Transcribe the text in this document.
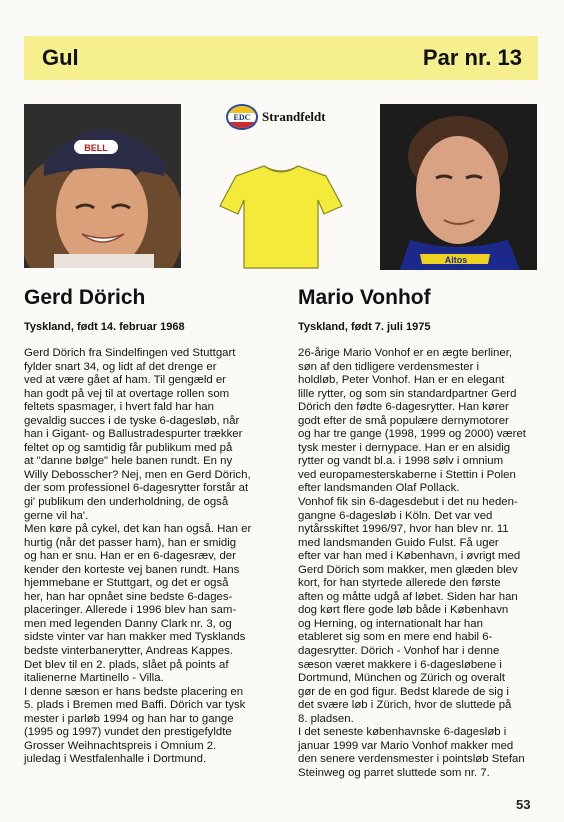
Gul	Par nr. 13
BELL
EDC Strandfeldt
Altos
Gerd Dörich	Mario Vonhof
Tyskland, født 14. februar 1968	Tyskland, født 7. juli 1975

Gerd Dörich fra Sindelfingen ved Stuttgart

fylder snart 34, og lidt af det drenge er

ved at være gået af ham. Til gengæld er

han godt på vej til at overtage rollen som

feltets spasmager, i hvert fald har han

gevaldig succes i de tyske 6-dagesløb, når

han i Gigant- og Ballustradespurter trækker

feltet op og samtidig får publikum med på

at "danne bølge" hele banen rundt. En ny

Willy Debosscher? Nej, men en Gerd Dörich,

der som professionel 6-dagesrytter forstår at

gi' publikum den underholdning, de også

gerne vil ha'.

Men køre på cykel, det kan han også. Han er

hurtig (når det passer ham), han er smidig

og han er snu. Han er en 6-dagesræv, der

kender den korteste vej banen rundt. Hans

hjemmebane er Stuttgart, og det er også

her, han har opnået sine bedste 6-dages-

placeringer. Allerede i 1996 blev han sam-

men med legenden Danny Clark nr. 3, og

sidste vinter var han makker med Tysklands

bedste vinterbanerytter, Andreas Kappes.

Det blev til en 2. plads, slået på points af

italienerne Martinello - Villa.

I denne sæson er hans bedste placering en

5. plads i Bremen med Baffi. Dörich var tysk

mester i parløb 1994 og han har to gange

(1995 og 1997) vundet den prestigefyldte

Grosser Weihnachtspreis i Omnium 2.

juledag i Westfalenhalle i Dortmund.

26-årige Mario Vonhof er en ægte berliner,

søn af den tidligere verdensmester i

holdløb, Peter Vonhof. Han er en elegant

lille rytter, og som sin standardpartner Gerd

Dörich den fødte 6-dagesrytter. Han kører

godt efter de små populære dernymotorer

og har tre gange (1998, 1999 og 2000) været

tysk mester i dernypace. Han er en alsidig

rytter og vandt bl.a. i 1998 sølv i omnium

ved europamesterskaberne i Stettin i Polen

efter landsmanden Olaf Pollack.

Vonhof fik sin 6-dagesdebut i det nu heden-

gangne 6-dagesløb i Köln. Det var ved

nytårsskiftet 1996/97, hvor han blev nr. 11

med landsmanden Guido Fulst. Få uger

efter var han med i København, i øvrigt med

Gerd Dörich som makker, men glæden blev

kort, for han styrtede allerede den første

aften og måtte udgå af løbet. Siden har han

dog kørt flere gode løb både i København

og Herning, og internationalt har han

etableret sig som en mere end habil 6-

dagesrytter. Dörich - Vonhof har i denne

sæson været makkere i 6-dagesløbene i

Dortmund, München og Zürich og overalt

gør de en god figur. Bedst klarede de sig i

det svære løb i Zürich, hvor de sluttede på

8. pladsen.

I det seneste københavnske 6-dagesløb i

januar 1999 var Mario Vonhof makker med

den senere verdensmester i pointsløb Stefan

Steinweg og parret sluttede som nr. 7.

53
